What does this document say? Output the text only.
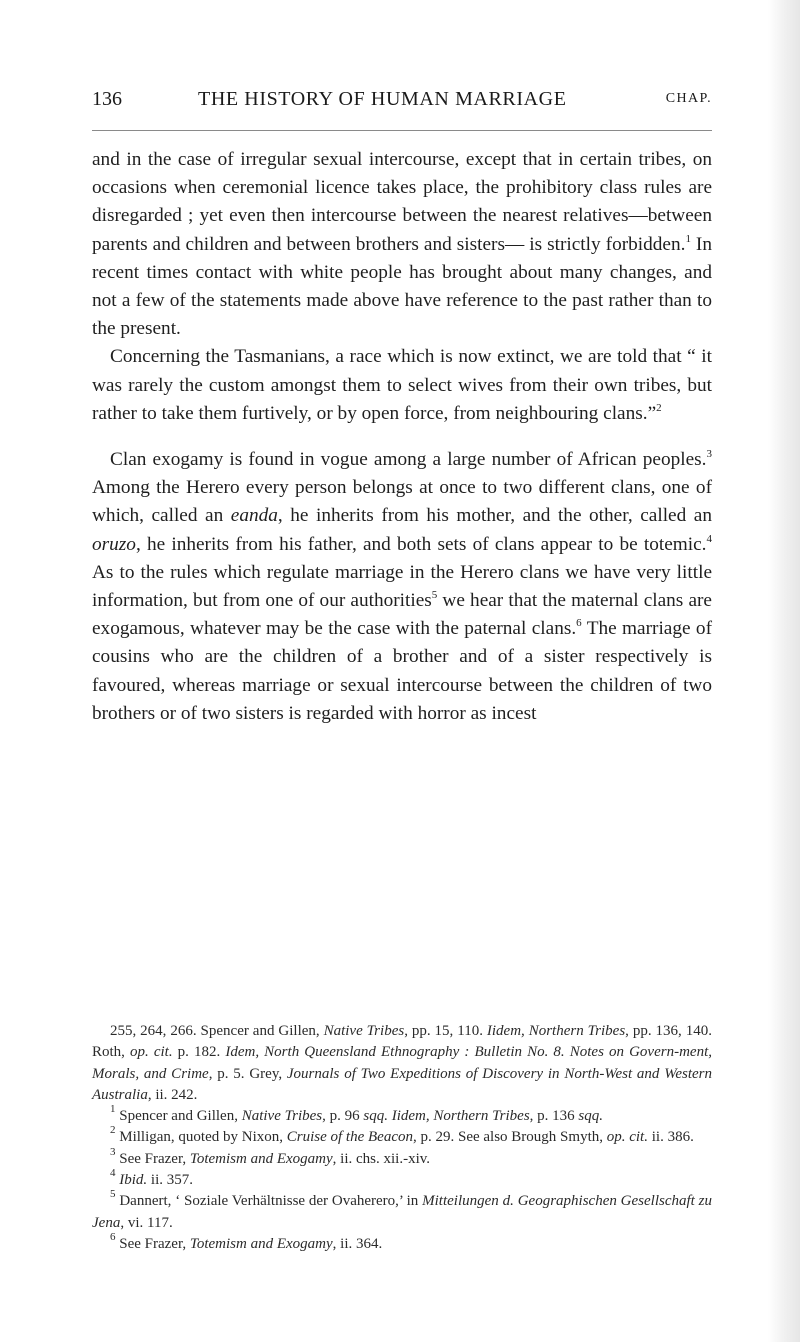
136	THE HISTORY OF HUMAN MARRIAGE	CHAP.

and in the case of irregular sexual intercourse, except that in certain tribes, on occasions when ceremonial licence takes place, the prohibitory class rules are disregarded ; yet even then intercourse between the nearest relatives—between parents and children and between brothers and sisters— is strictly forbidden.$^1$ In recent times contact with white people has brought about many changes, and not a few of the statements made above have reference to the past rather than to the present.

Concerning the Tasmanians, a race which is now extinct, we are told that “ it was rarely the custom amongst them to select wives from their own tribes, but rather to take them furtively, or by open force, from neighbouring clans.”$^2$

Clan exogamy is found in vogue among a large number of African peoples.$^3$ Among the Herero every person belongs at once to two different clans, one of which, called an eanda, he inherits from his mother, and the other, called an oruzo, he inherits from his father, and both sets of clans appear to be totemic.$^4$ As to the rules which regulate marriage in the Herero clans we have very little information, but from one of our authorities$^5$ we hear that the maternal clans are exogamous, whatever may be the case with the paternal clans.$^6$ The marriage of cousins who are the children of a brother and of a sister respectively is favoured, whereas marriage or sexual intercourse between the children of two brothers or of two sisters is regarded with horror as incest

255, 264, 266. Spencer and Gillen, Native Tribes, pp. 15, 110. Iidem, Northern Tribes, pp. 136, 140. Roth, op. cit. p. 182. Idem, North Queensland Ethnography : Bulletin No. 8. Notes on Govern-ment, Morals, and Crime, p. 5. Grey, Journals of Two Expeditions of Discovery in North-West and Western Australia, ii. 242.

$^1$ Spencer and Gillen, Native Tribes, p. 96 sqq. Iidem, Northern Tribes, p. 136 sqq.

$^2$ Milligan, quoted by Nixon, Cruise of the Beacon, p. 29. See also Brough Smyth, op. cit. ii. 386.

$^3$ See Frazer, Totemism and Exogamy, ii. chs. xii.-xiv.

$^4$ Ibid. ii. 357.

$^5$ Dannert, ‘ Soziale Verhältnisse der Ovaherero,’ in Mitteilungen d. Geographischen Gesellschaft zu Jena, vi. 117.

$^6$ See Frazer, Totemism and Exogamy, ii. 364.
